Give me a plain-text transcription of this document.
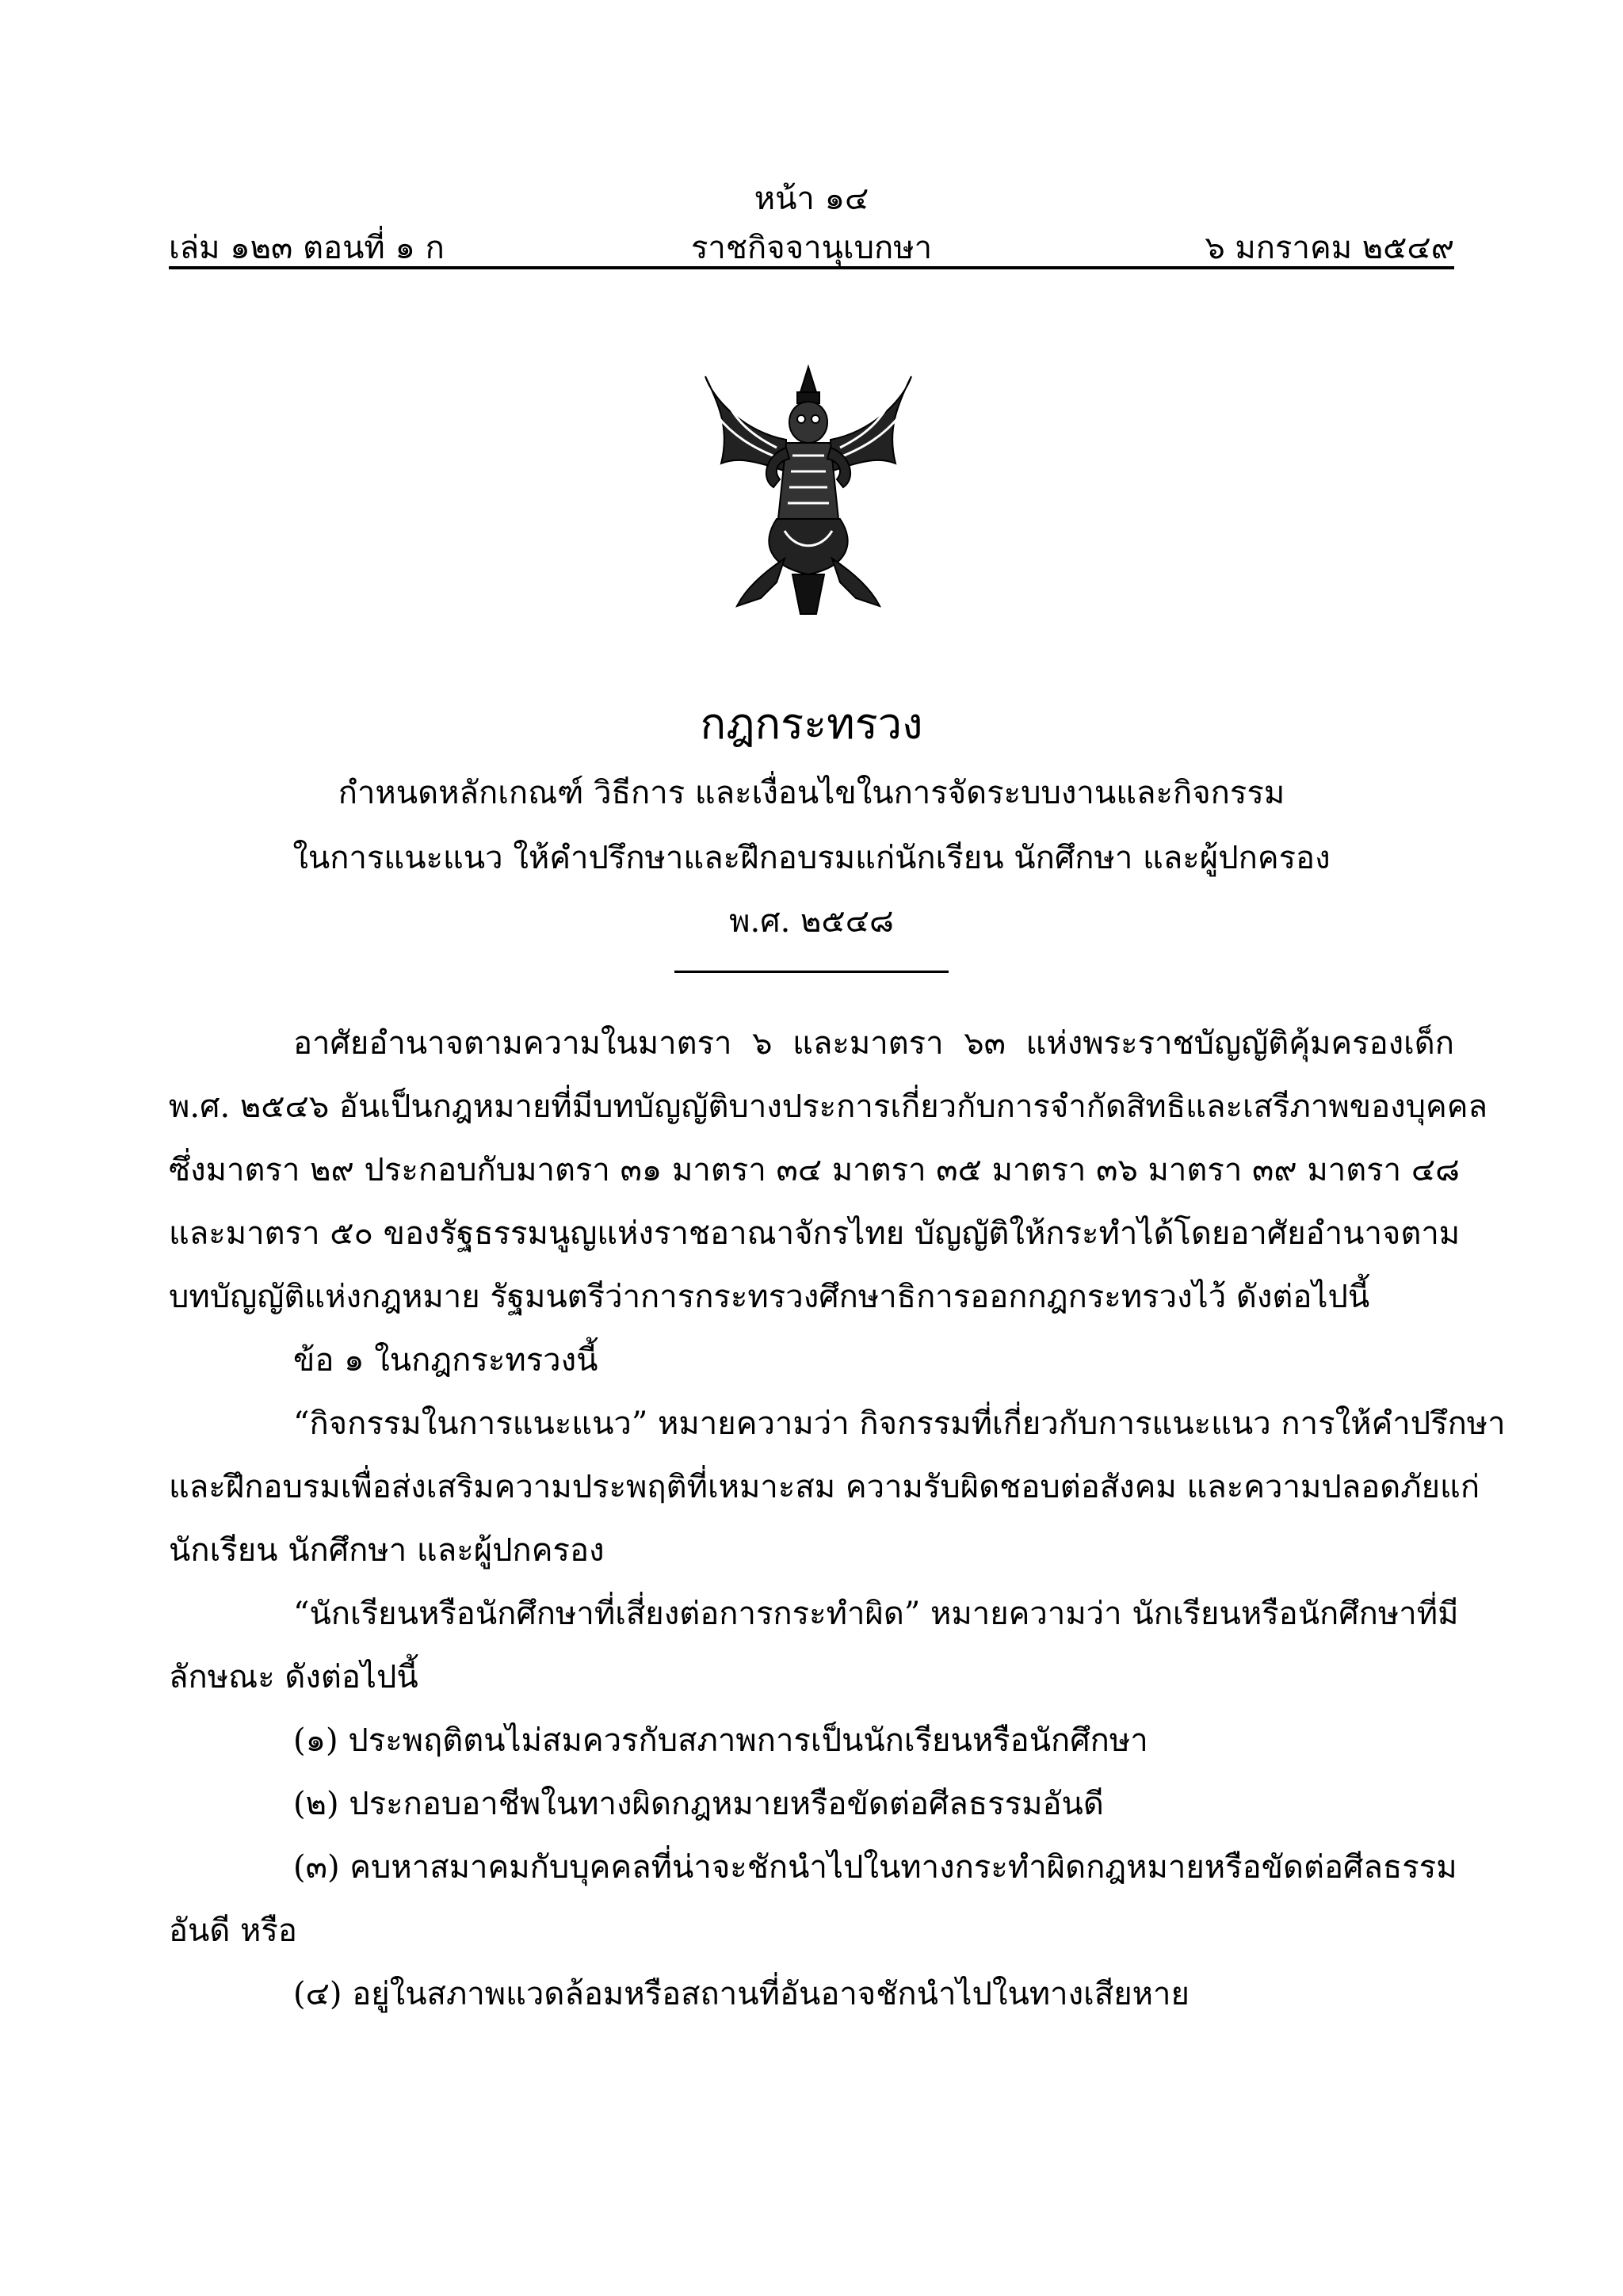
หน้า ๑๔
เล่ม ๑๒๓ ตอนที่ ๑ ก	ราชกิจจานุเบกษา	๖ มกราคม ๒๕๔๙
กฎกระทรวง
กำหนดหลักเกณฑ์ วิธีการ และเงื่อนไขในการจัดระบบงานและกิจกรรม
ในการแนะแนว ให้คำปรึกษาและฝึกอบรมแก่นักเรียน นักศึกษา และผู้ปกครอง
พ.ศ. ๒๕๔๘
อาศัยอำนาจตามความในมาตรา ๖ และมาตรา ๖๓ แห่งพระราชบัญญัติคุ้มครองเด็ก
พ.ศ. ๒๕๔๖ อันเป็นกฎหมายที่มีบทบัญญัติบางประการเกี่ยวกับการจำกัดสิทธิและเสรีภาพของบุคคล
ซึ่งมาตรา ๒๙ ประกอบกับมาตรา ๓๑ มาตรา ๓๔ มาตรา ๓๕ มาตรา ๓๖ มาตรา ๓๙ มาตรา ๔๘
และมาตรา ๕๐ ของรัฐธรรมนูญแห่งราชอาณาจักรไทย บัญญัติให้กระทำได้โดยอาศัยอำนาจตาม
บทบัญญัติแห่งกฎหมาย รัฐมนตรีว่าการกระทรวงศึกษาธิการออกกฎกระทรวงไว้ ดังต่อไปนี้
ข้อ ๑ ในกฎกระทรวงนี้
“กิจกรรมในการแนะแนว” หมายความว่า กิจกรรมที่เกี่ยวกับการแนะแนว การให้คำปรึกษา
และฝึกอบรมเพื่อส่งเสริมความประพฤติที่เหมาะสม ความรับผิดชอบต่อสังคม และความปลอดภัยแก่
นักเรียน นักศึกษา และผู้ปกครอง
“นักเรียนหรือนักศึกษาที่เสี่ยงต่อการกระทำผิด” หมายความว่า นักเรียนหรือนักศึกษาที่มี
ลักษณะ ดังต่อไปนี้
(๑) ประพฤติตนไม่สมควรกับสภาพการเป็นนักเรียนหรือนักศึกษา
(๒) ประกอบอาชีพในทางผิดกฎหมายหรือขัดต่อศีลธรรมอันดี
(๓) คบหาสมาคมกับบุคคลที่น่าจะชักนำไปในทางกระทำผิดกฎหมายหรือขัดต่อศีลธรรม
อันดี หรือ
(๔) อยู่ในสภาพแวดล้อมหรือสถานที่อันอาจชักนำไปในทางเสียหาย
